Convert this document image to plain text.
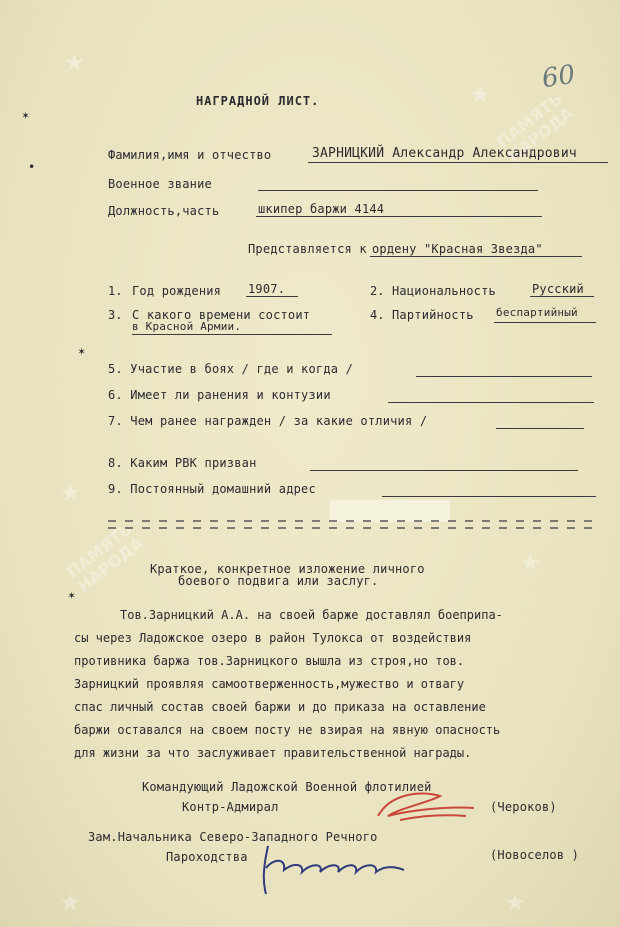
★
ПАМЯТЬ НАРОДА
★
★
ПАМЯТЬ НАРОДА	★
★	★
60
✶
•
✶
✶
НАГРАДНОЙ ЛИСТ.
Фамилия,имя и отчество	ЗАРНИЦКИЙ Александр Александрович
Военное звание
Должность,часть	шкипер баржи 4144
Представляется к ордену "Красная Звезда"
1. Год рождения 1907.	2. Национальность	Русский
3. С какого времени состоит
в Красной Армии.
4. Партийность беспартийный
5. Участие в боях / где и когда /
6. Имеет ли ранения и контузии
7. Чем ранее награжден / за какие отличия /
8. Каким РВК призван
9. Постоянный домашний адрес
Краткое, конкретное изложение личного
боевого подвига или заслуг.
Тов.Зарницкий А.А. на своей барже доставлял боеприпа-
сы через Ладожское озеро в район Тулокса от воздействия
противника баржа тов.Зарницкого вышла из строя,но тов.
Зарницкий проявляя самоотверженность,мужество и отвагу
спас личный состав своей баржи и до приказа на оставление
баржи оставался на своем посту не взирая на явную опасность
для жизни за что заслуживает правительственной награды.
Командующий Ладожской Военной флотилией
Контр-Адмирал	(Чероков)
Зам.Начальника Северо-Западного Речного
Пароходства	(Новоселов )
